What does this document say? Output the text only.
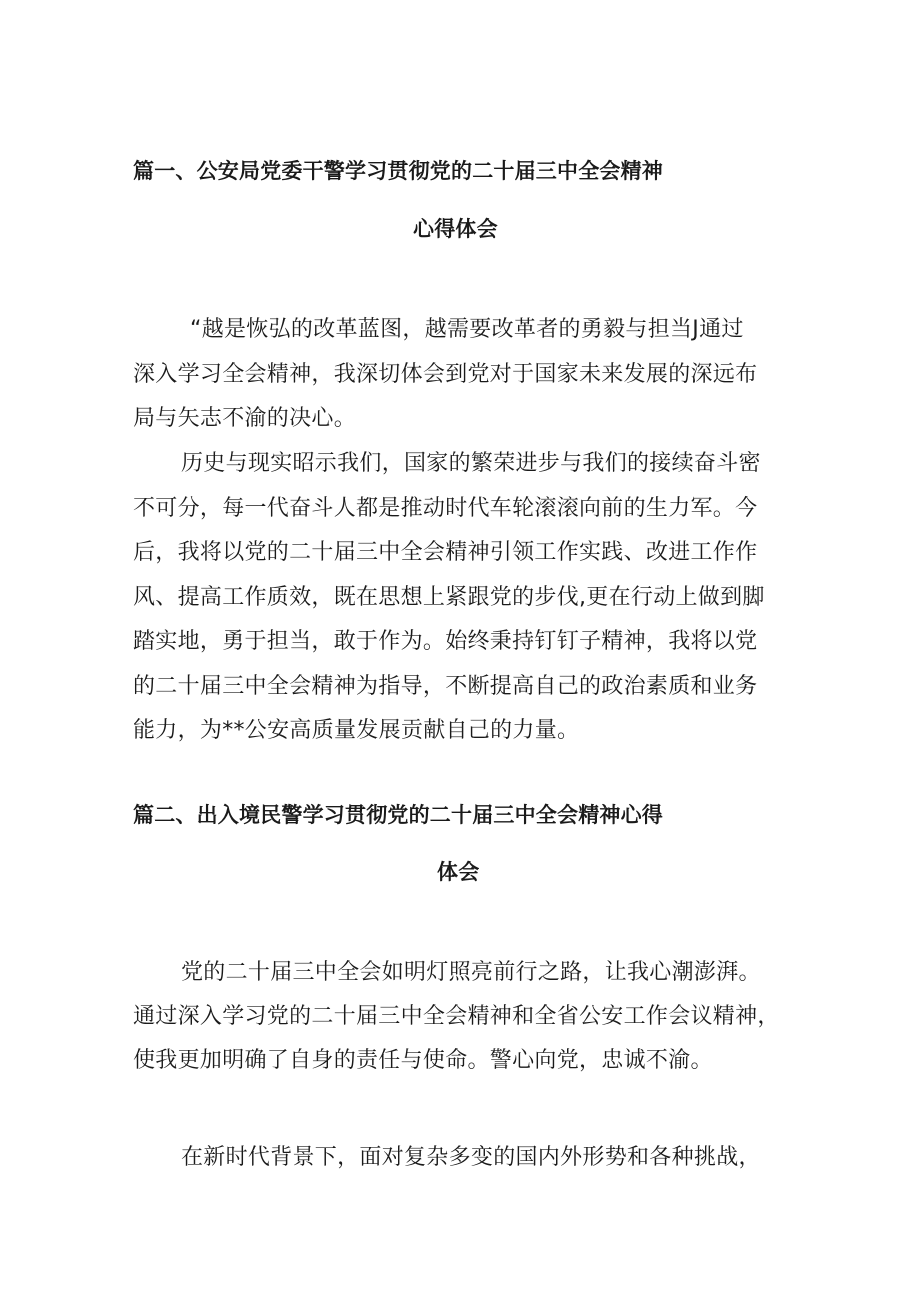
篇一、公安局党委干警学习贯彻党的二十届三中全会精神
心得体会
“越是恢弘的改革蓝图，越需要改革者的勇毅与担当J通过
深入学习全会精神，我深切体会到党对于国家未来发展的深远布
局与矢志不渝的决心。
历史与现实昭示我们，国家的繁荣进步与我们的接续奋斗密
不可分，每一代奋斗人都是推动时代车轮滚滚向前的生力军。今
后，我将以党的二十届三中全会精神引领工作实践、改进工作作
风、提高工作质效，既在思想上紧跟党的步伐,更在行动上做到脚
踏实地，勇于担当，敢于作为。始终秉持钉钉子精神，我将以党
的二十届三中全会精神为指导，不断提高自己的政治素质和业务
能力，为**公安高质量发展贡献自己的力量。
篇二、出入境民警学习贯彻党的二十届三中全会精神心得
体会
党的二十届三中全会如明灯照亮前行之路，让我心潮澎湃。
通过深入学习党的二十届三中全会精神和全省公安工作会议精神，
使我更加明确了自身的责任与使命。警心向党，忠诚不渝。
在新时代背景下，面对复杂多变的国内外形势和各种挑战，
